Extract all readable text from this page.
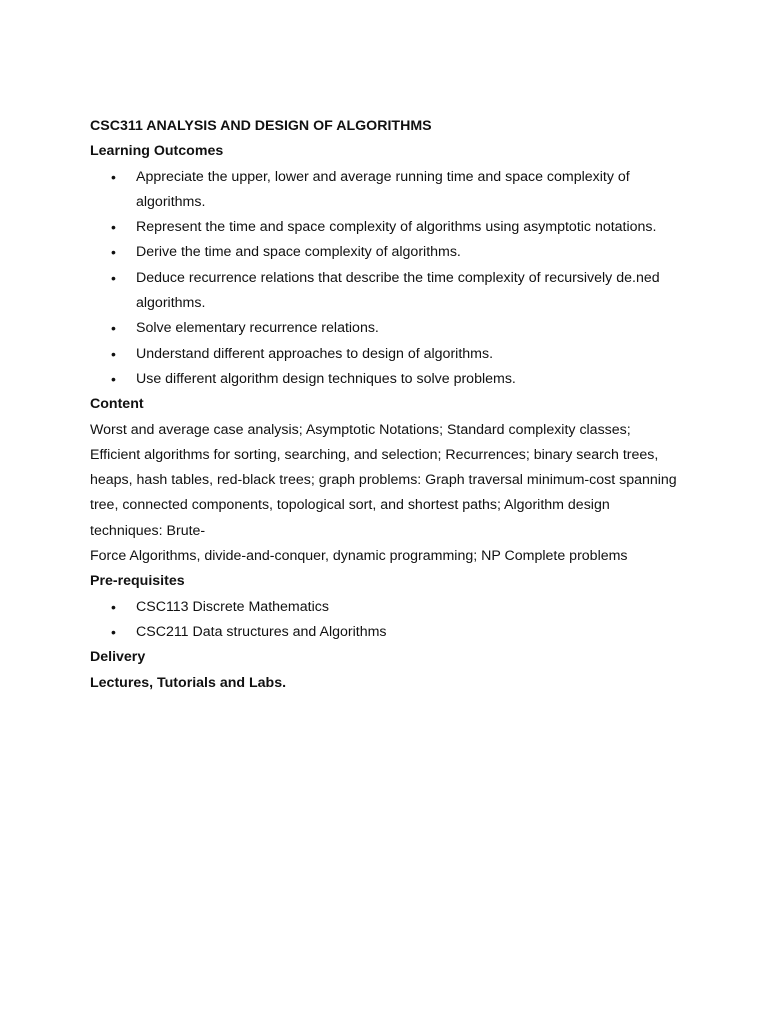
CSC311 ANALYSIS AND DESIGN OF ALGORITHMS
Learning Outcomes
• Appreciate the upper, lower and average running time and space complexity of algorithms.
• Represent the time and space complexity of algorithms using asymptotic notations.
• Derive the time and space complexity of algorithms.
• Deduce recurrence relations that describe the time complexity of recursively de.ned algorithms.
• Solve elementary recurrence relations.
• Understand different approaches to design of algorithms.
• Use different algorithm design techniques to solve problems.
Content

Worst and average case analysis; Asymptotic Notations; Standard complexity classes; Efficient algorithms for sorting, searching, and selection; Recurrences; binary search trees, heaps, hash tables, red-black trees; graph problems: Graph traversal minimum-cost spanning tree, connected components, topological sort, and shortest paths; Algorithm design techniques: Brute-

Force Algorithms, divide-and-conquer, dynamic programming; NP Complete problems

Pre-requisites
• CSC113 Discrete Mathematics
• CSC211 Data structures and Algorithms
Delivery
Lectures, Tutorials and Labs.
